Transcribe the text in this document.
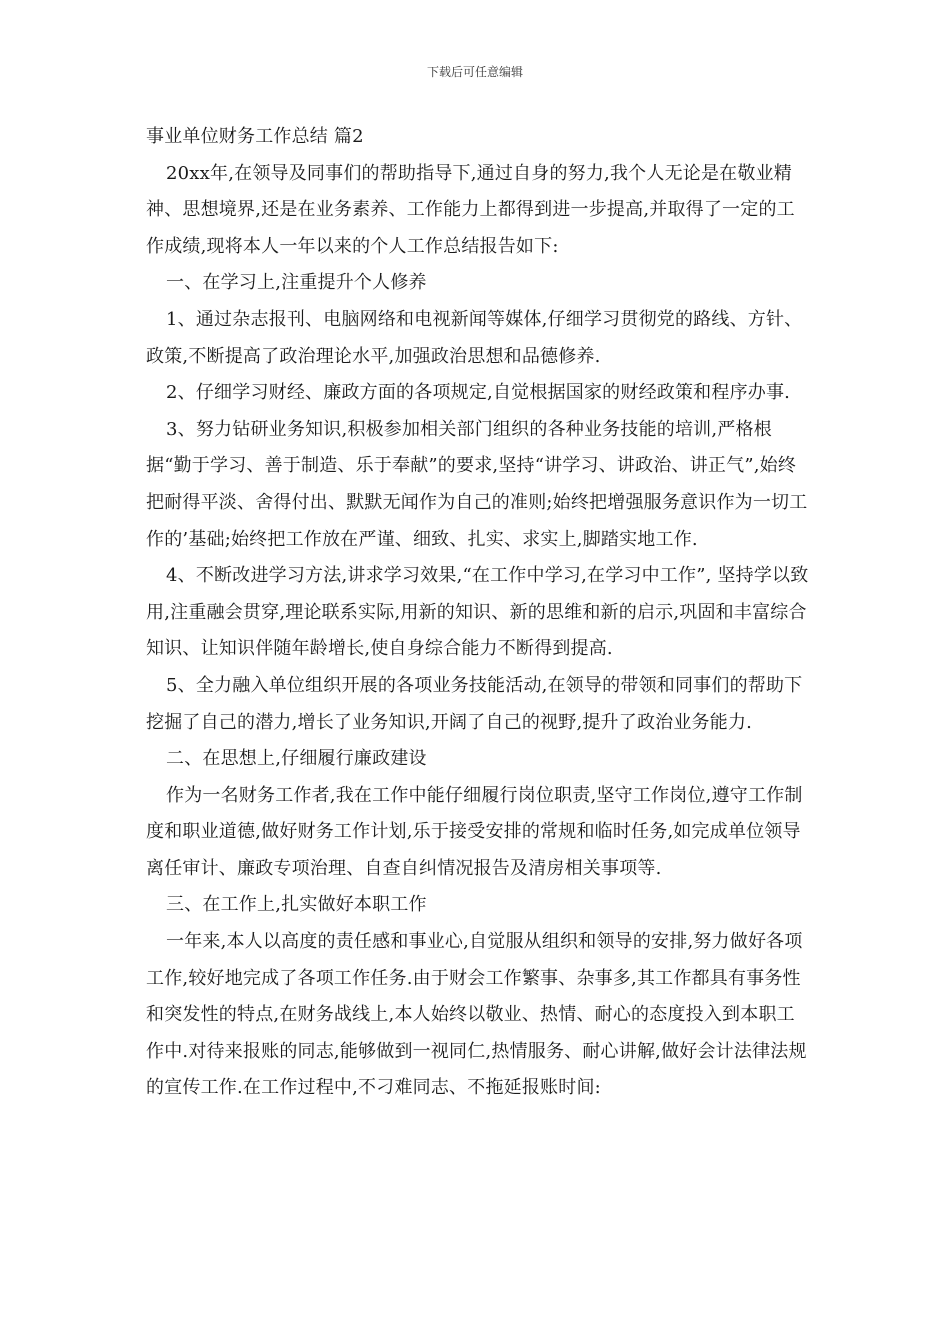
下载后可任意编辑

事业单位财务工作总结 篇2

20xx年,在领导及同事们的帮助指导下,通过自身的努力,我个人无论是在敬业精神、思想境界,还是在业务素养、工作能力上都得到进一步提高,并取得了一定的工作成绩,现将本人一年以来的个人工作总结报告如下:

一、在学习上,注重提升个人修养

1、通过杂志报刊、电脑网络和电视新闻等媒体,仔细学习贯彻党的路线、方针、政策,不断提高了政治理论水平,加强政治思想和品德修养.

2、仔细学习财经、廉政方面的各项规定,自觉根据国家的财经政策和程序办事.

3、努力钻研业务知识,积极参加相关部门组织的各种业务技能的培训,严格根据“勤于学习、善于制造、乐于奉献”的要求,坚持“讲学习、讲政治、讲正气”,始终把耐得平淡、舍得付出、默默无闻作为自己的准则;始终把增强服务意识作为一切工作的’基础;始终把工作放在严谨、细致、扎实、求实上,脚踏实地工作.

4、不断改进学习方法,讲求学习效果,“在工作中学习,在学习中工作”, 坚持学以致用,注重融会贯穿,理论联系实际,用新的知识、新的思维和新的启示,巩固和丰富综合知识、让知识伴随年龄增长,使自身综合能力不断得到提高.

5、全力融入单位组织开展的各项业务技能活动,在领导的带领和同事们的帮助下挖掘了自己的潜力,增长了业务知识,开阔了自己的视野,提升了政治业务能力.

二、在思想上,仔细履行廉政建设

作为一名财务工作者,我在工作中能仔细履行岗位职责,坚守工作岗位,遵守工作制度和职业道德,做好财务工作计划,乐于接受安排的常规和临时任务,如完成单位领导离任审计、廉政专项治理、自查自纠情况报告及清房相关事项等.

三、在工作上,扎实做好本职工作

一年来,本人以高度的责任感和事业心,自觉服从组织和领导的安排,努力做好各项工作,较好地完成了各项工作任务.由于财会工作繁事、杂事多,其工作都具有事务性和突发性的特点,在财务战线上,本人始终以敬业、热情、耐心的态度投入到本职工作中.对待来报账的同志,能够做到一视同仁,热情服务、耐心讲解,做好会计法律法规的宣传工作.在工作过程中,不刁难同志、不拖延报账时间:
